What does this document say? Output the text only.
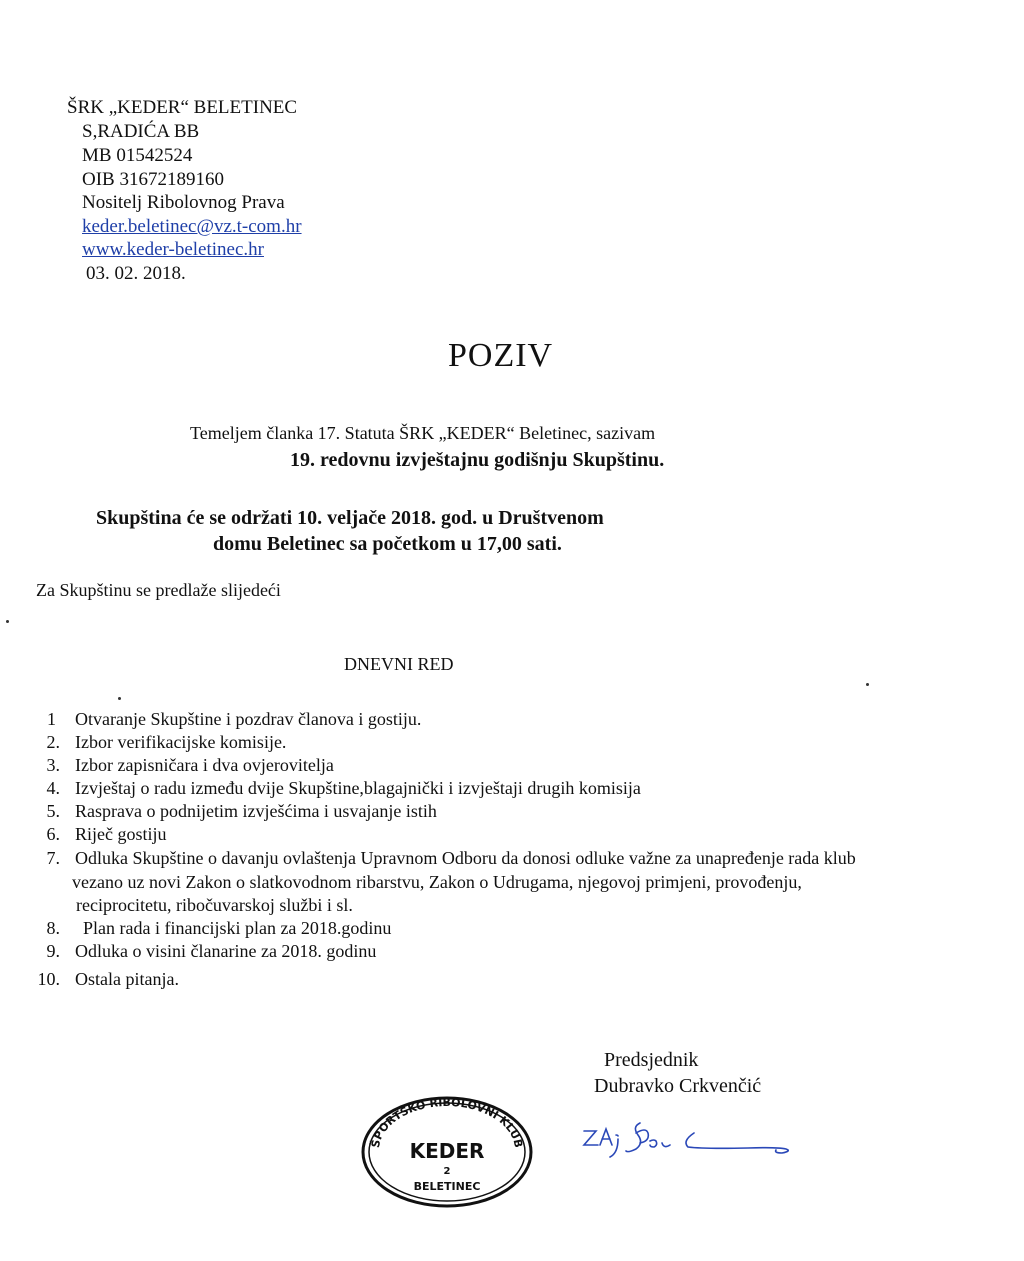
ŠRK „KEDER“ BELETINEC
S,RADIĆA BB
MB 01542524
OIB 31672189160
Nositelj Ribolovnog Prava
keder.beletinec@vz.t-com.hr
www.keder-beletinec.hr
03. 02. 2018.
POZIV
Temeljem članka 17. Statuta ŠRK „KEDER“ Beletinec, sazivam
19. redovnu izvještajnu godišnju Skupštinu.
Skupština će se održati 10. veljače 2018. god. u Društvenom
domu Beletinec sa početkom u 17,00 sati.
Za Skupštinu se predlaže slijedeći
DNEVNI RED
1 Otvaranje Skupštine i pozdrav članova i gostiju.
2. Izbor verifikacijske komisije.
3. Izbor zapisničara i dva ovjerovitelja
4. Izvještaj o radu između dvije Skupštine,blagajnički i izvještaji drugih komisija
5. Rasprava o podnijetim izvješćima i usvajanje istih
6. Riječ gostiju
7. Odluka Skupštine o davanju ovlaštenja Upravnom Odboru da donosi odluke važne za unapređenje rada klub
vezano uz novi Zakon o slatkovodnom ribarstvu, Zakon o Udrugama, njegovoj primjeni, provođenju,
reciprocitetu, ribočuvarskoj službi i sl.
8. Plan rada i financijski plan za 2018.godinu
9. Odluka o visini članarine za 2018. godinu
10. Ostala pitanja.
Predsjednik
Dubravko Crkvenčić
ŠPORTSKO RIBOLOVNI KLUB
KEDER
2
BELETINEC
